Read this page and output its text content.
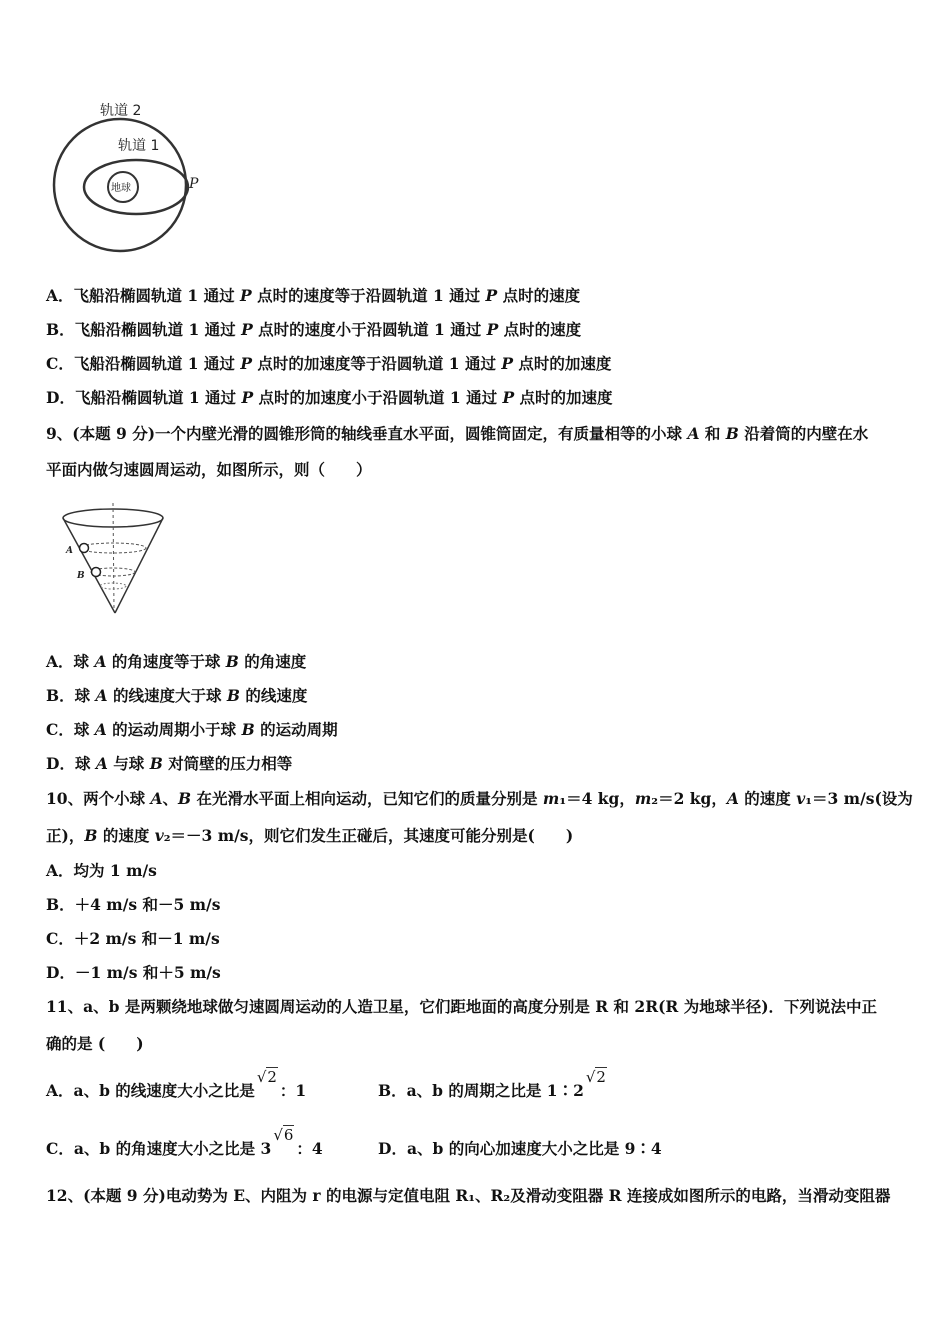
轨道 2
轨道 1
地球	P
A．飞船沿椭圆轨道 1 通过 P 点时的速度等于沿圆轨道 1 通过 P 点时的速度
B．飞船沿椭圆轨道 1 通过 P 点时的速度小于沿圆轨道 1 通过 P 点时的速度
C．飞船沿椭圆轨道 1 通过 P 点时的加速度等于沿圆轨道 1 通过 P 点时的加速度
D．飞船沿椭圆轨道 1 通过 P 点时的加速度小于沿圆轨道 1 通过 P 点时的加速度
9、(本题 9 分)一个内壁光滑的圆锥形筒的轴线垂直水平面，圆锥筒固定，有质量相等的小球 A 和 B 沿着筒的内壁在水
平面内做匀速圆周运动，如图所示，则（　　）
A
B
A．球 A 的角速度等于球 B 的角速度
B．球 A 的线速度大于球 B 的线速度
C．球 A 的运动周期小于球 B 的运动周期
D．球 A 与球 B 对筒壁的压力相等
10、两个小球 A、B 在光滑水平面上相向运动，已知它们的质量分别是 m₁＝4 kg，m₂＝2 kg，A 的速度 v₁＝3 m/s(设为
正)，B 的速度 v₂＝－3 m/s，则它们发生正碰后，其速度可能分别是(　　)
A．均为 1 m/s
B．＋4 m/s 和－5 m/s
C．＋2 m/s 和－1 m/s
D．－1 m/s 和＋5 m/s
11、a、b 是两颗绕地球做匀速圆周运动的人造卫星，它们距地面的高度分别是 R 和 2R(R 为地球半径)．下列说法中正
确的是 (　　)
A．a、b 的线速度大小之比是√2：1	B．a、b 的周期之比是 1∶2√2
C．a、b 的角速度大小之比是 3√6：4	D．a、b 的向心加速度大小之比是 9∶4
12、(本题 9 分)电动势为 E、内阻为 r 的电源与定值电阻 R₁、R₂及滑动变阻器 R 连接成如图所示的电路，当滑动变阻器
